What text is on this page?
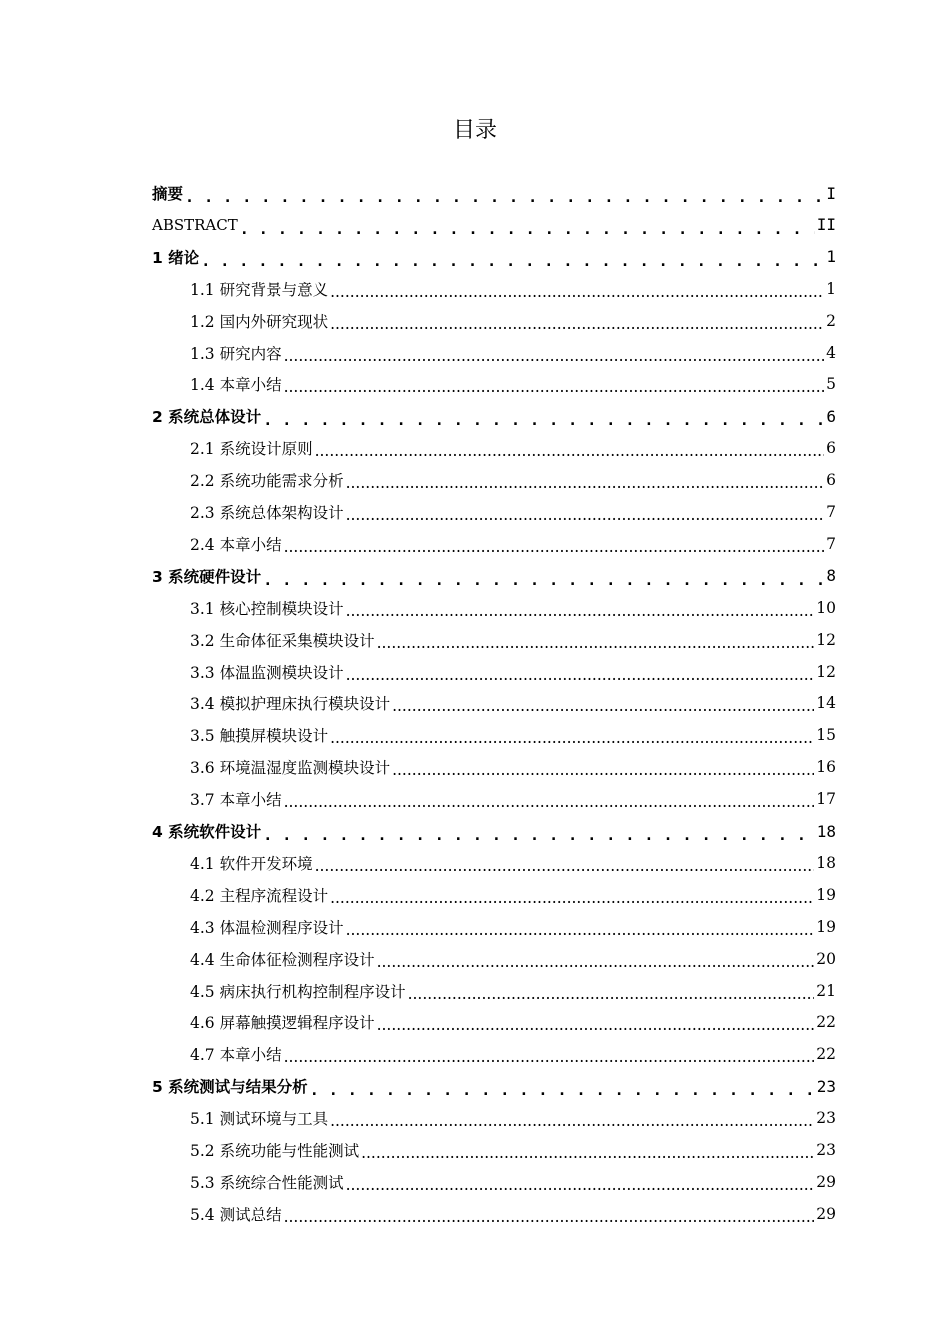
目录
摘要 . . .	I
ABSTRACT . . .	II
1 绪论 . . .	1
1.1 研究背景与意义 .....	1
1.2 国内外研究现状 .....	2
1.3 研究内容 .....	4
1.4 本章小结 .....	5
2 系统总体设计 . . .	6
2.1 系统设计原则 .....	6
2.2 系统功能需求分析 .....	6
2.3 系统总体架构设计 .....	7
2.4 本章小结 .....	7
3 系统硬件设计 . . .	8
3.1 核心控制模块设计 .....	10
3.2 生命体征采集模块设计 .....	12
3.3 体温监测模块设计 .....	12
3.4 模拟护理床执行模块设计 .....	14
3.5 触摸屏模块设计 .....	15
3.6 环境温湿度监测模块设计 .....	16
3.7 本章小结 .....	17
4 系统软件设计 . . .	18
4.1 软件开发环境 .....	18
4.2 主程序流程设计 .....	19
4.3 体温检测程序设计 .....	19
4.4 生命体征检测程序设计 .....	20
4.5 病床执行机构控制程序设计 .....	21
4.6 屏幕触摸逻辑程序设计 .....	22
4.7 本章小结 .....	22
5 系统测试与结果分析 . . .	23
5.1 测试环境与工具 .....	23
5.2 系统功能与性能测试 .....	23
5.3 系统综合性能测试 .....	29
5.4 测试总结 .....	29
